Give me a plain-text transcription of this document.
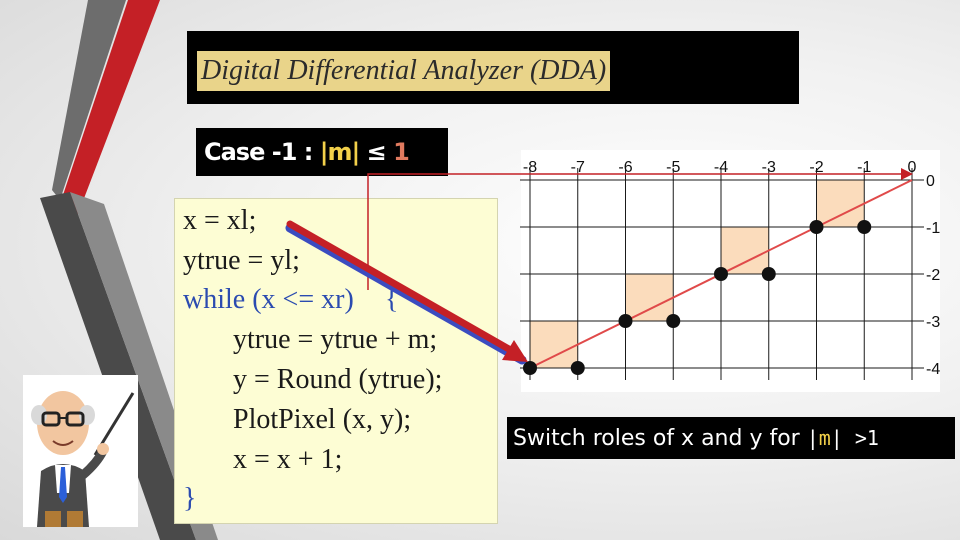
Digital Differential Analyzer (DDA)
Case -1 : |m| ≤ 1
x = xl;
ytrue = yl;
while (x <= xr) {
ytrue = ytrue + m;
y = Round (ytrue);
PlotPixel (x, y);
x = x + 1;
}
-8 -7 -6 -5 -4 -3 -2 -1 0
0
-1
-2
-3
-4
Switch roles of x and y for |m| >1
